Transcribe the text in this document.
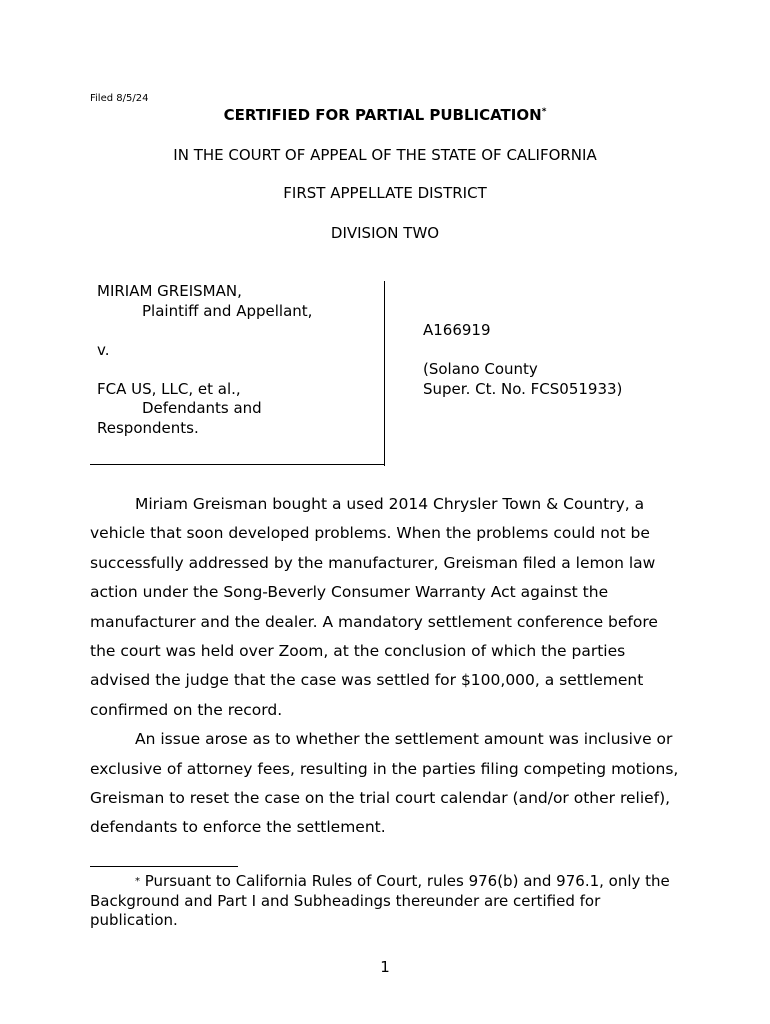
Filed 8/5/24
CERTIFIED FOR PARTIAL PUBLICATION*
IN THE COURT OF APPEAL OF THE STATE OF CALIFORNIA
FIRST APPELLATE DISTRICT
DIVISION TWO
MIRIAM GREISMAN,
Plaintiff and Appellant,
v.
FCA US, LLC, et al.,
Defendants and
Respondents.
A166919
(Solano County
Super. Ct. No. FCS051933)

Miriam Greisman bought a used 2014 Chrysler Town & Country, a vehicle that soon developed problems. When the problems could not be successfully addressed by the manufacturer, Greisman filed a lemon law action under the Song-Beverly Consumer Warranty Act against the manufacturer and the dealer. A mandatory settlement conference before the court was held over Zoom, at the conclusion of which the parties advised the judge that the case was settled for $100,000, a settlement confirmed on the record.

An issue arose as to whether the settlement amount was inclusive or exclusive of attorney fees, resulting in the parties filing competing motions, Greisman to reset the case on the trial court calendar (and/or other relief), defendants to enforce the settlement.

* Pursuant to California Rules of Court, rules 976(b) and 976.1, only the Background and Part I and Subheadings thereunder are certified for publication.
1
